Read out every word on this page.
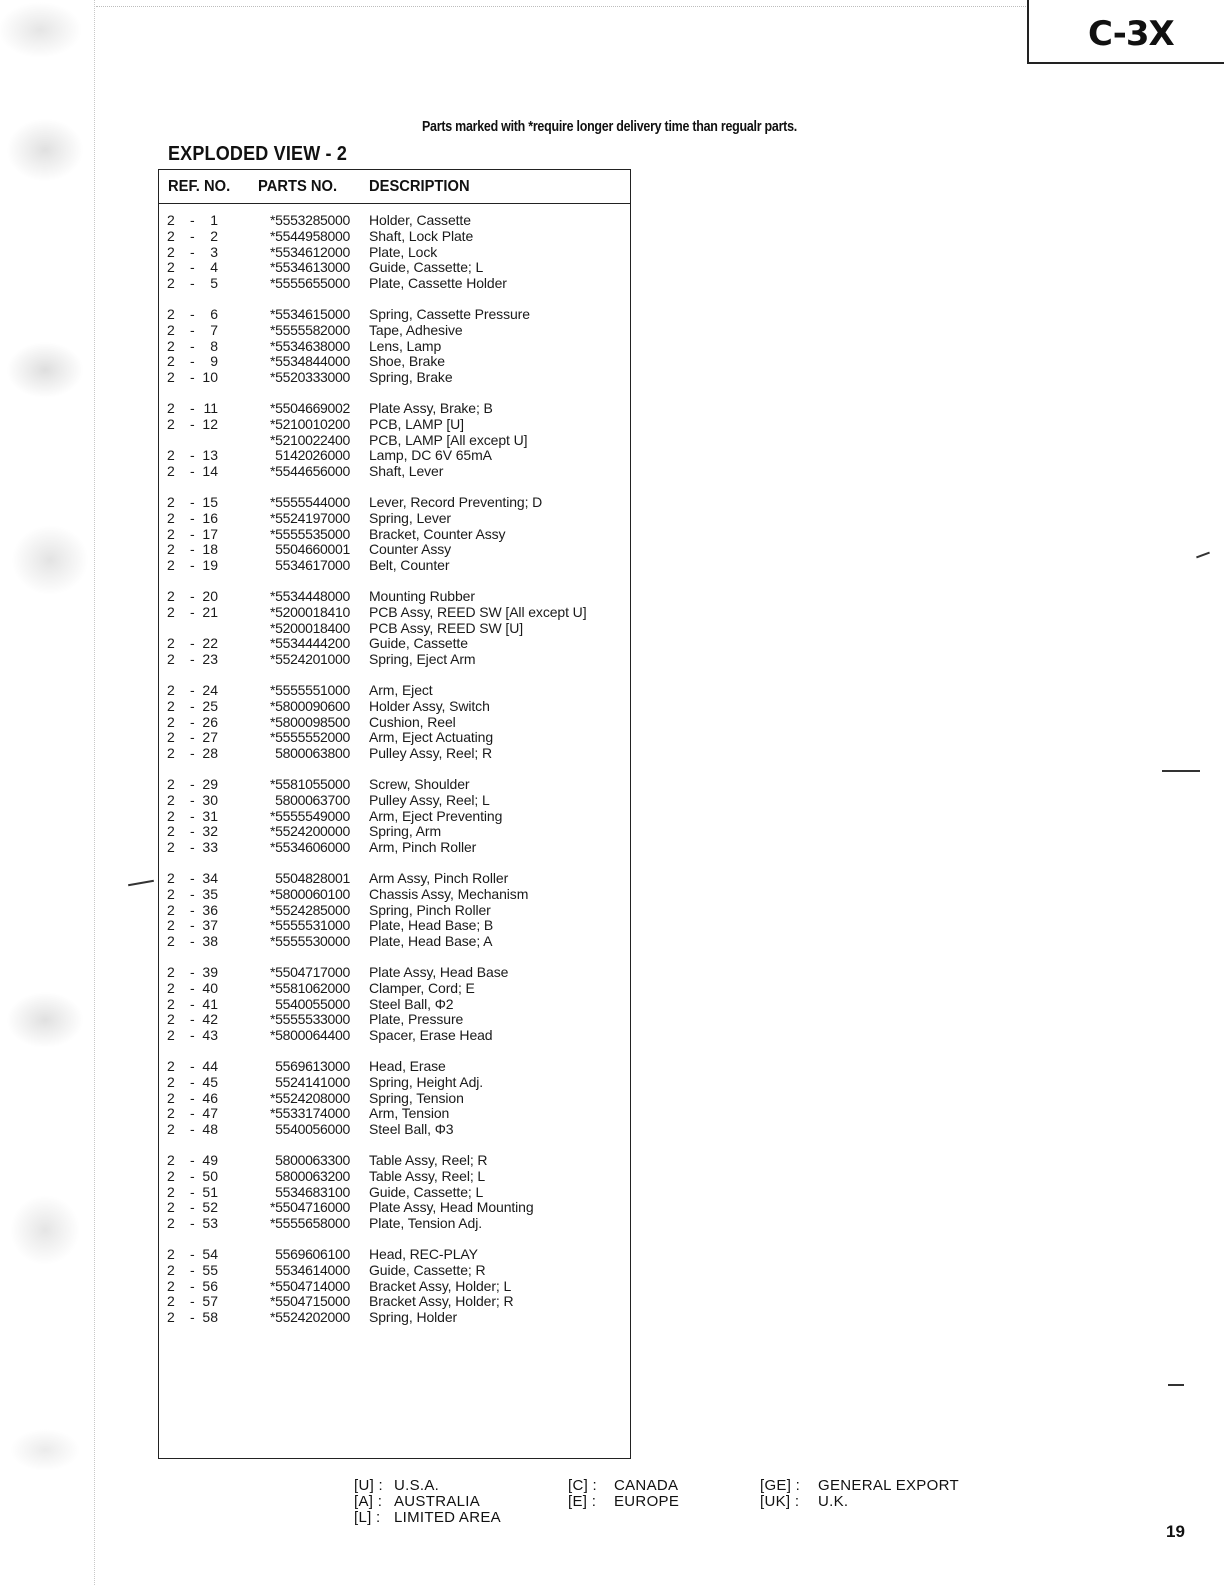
C-3X
Parts marked with *require longer delivery time than regualr parts.
EXPLODED VIEW - 2
REF. NO. PARTS NO. DESCRIPTION
2	-	1	*5553285000 Holder, Cassette
2	-	2	*5544958000 Shaft, Lock Plate
2	-	3	*5534612000 Plate, Lock
2	-	4	*5534613000 Guide, Cassette; L
2	-	5	*5555655000 Plate, Cassette Holder
2	-	6	*5534615000 Spring, Cassette Pressure
2	-	7	*5555582000 Tape, Adhesive
2	-	8	*5534638000 Lens, Lamp
2	-	9	*5534844000 Shoe, Brake
2	- 10	*5520333000 Spring, Brake
2	- 11	*5504669002 Plate Assy, Brake; B
2	- 12	*5210010200 PCB, LAMP [U]
*5210022400 PCB, LAMP [All except U]
2	- 13	5142026000 Lamp, DC 6V 65mA
2	- 14	*5544656000 Shaft, Lever
2	- 15	*5555544000 Lever, Record Preventing; D
2	- 16	*5524197000 Spring, Lever
2	- 17	*5555535000 Bracket, Counter Assy
2	- 18	5504660001 Counter Assy
2	- 19	5534617000 Belt, Counter
2	- 20	*5534448000 Mounting Rubber
2	- 21	*5200018410 PCB Assy, REED SW [All except U]
*5200018400 PCB Assy, REED SW [U]
2	- 22	*5534444200 Guide, Cassette
2	- 23	*5524201000 Spring, Eject Arm
2	- 24	*5555551000 Arm, Eject
2	- 25	*5800090600 Holder Assy, Switch
2	- 26	*5800098500 Cushion, Reel
2	- 27	*5555552000 Arm, Eject Actuating
2	- 28	5800063800 Pulley Assy, Reel; R
2	- 29	*5581055000 Screw, Shoulder
2	- 30	5800063700 Pulley Assy, Reel; L
2	- 31	*5555549000 Arm, Eject Preventing
2	- 32	*5524200000 Spring, Arm
2	- 33	*5534606000 Arm, Pinch Roller
2	- 34	5504828001 Arm Assy, Pinch Roller
2	- 35	*5800060100 Chassis Assy, Mechanism
2	- 36	*5524285000 Spring, Pinch Roller
2	- 37	*5555531000 Plate, Head Base; B
2	- 38	*5555530000 Plate, Head Base; A
2	- 39	*5504717000 Plate Assy, Head Base
2	- 40	*5581062000 Clamper, Cord; E
2	- 41	5540055000 Steel Ball, Φ2
2	- 42	*5555533000 Plate, Pressure
2	- 43	*5800064400 Spacer, Erase Head
2	- 44	5569613000 Head, Erase
2	- 45	5524141000 Spring, Height Adj.
2	- 46	*5524208000 Spring, Tension
2	- 47	*5533174000 Arm, Tension
2	- 48	5540056000 Steel Ball, Φ3
2	- 49	5800063300 Table Assy, Reel; R
2	- 50	5800063200 Table Assy, Reel; L
2	- 51	5534683100 Guide, Cassette; L
2	- 52	*5504716000 Plate Assy, Head Mounting
2	- 53	*5555658000 Plate, Tension Adj.
2	- 54	5569606100 Head, REC-PLAY
2	- 55	5534614000 Guide, Cassette; R
2	- 56	*5504714000 Bracket Assy, Holder; L
2	- 57	*5504715000 Bracket Assy, Holder; R
2	- 58	*5524202000 Spring, Holder
[U] : U.S.A.
[A] : AUSTRALIA
[L] : LIMITED AREA
[C] : CANADA
[E] : EUROPE
[GE] : GENERAL EXPORT
[UK] : U.K.
19
